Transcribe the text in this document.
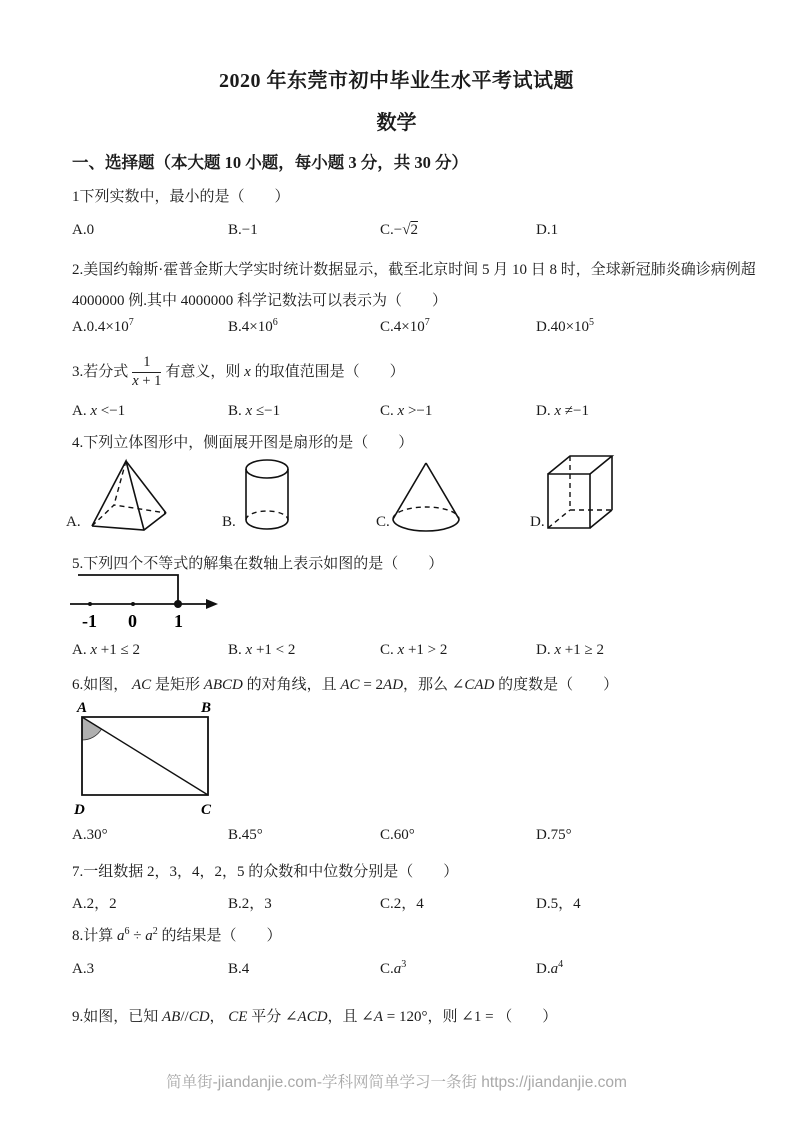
2020 年东莞市初中毕业生水平考试试题
数学
一、选择题（本大题 10 小题，每小题 3 分，共 30 分）
1下列实数中，最小的是（　　）
A.0	B.−1	C.−√2	D.1
2.美国约翰斯·霍普金斯大学实时统计数据显示，截至北京时间 5 月 10 日 8 时，全球新冠肺炎确诊病例超
4000000 例.其中 4000000 科学记数法可以表示为（　　）
$A.0.4\times 10^7$	$B.4\times 10^6$	$C.4\times 10^7$	$D.40\times 10^5$
3.若分式 $\frac{1}{x + 1}$ 有意义，则 x 的取值范围是（　　）
A. x <−1	B. x ≤−1	C. x >−1	D. x ≠−1
4.下列立体图形中，侧面展开图是扇形的是（　　）
A.	B.	C.	D.
5.下列四个不等式的解集在数轴上表示如图的是（　　）
-1 0 1
A. x +1 ≤ 2	B. x +1 < 2	C. x +1 > 2	D. x +1 ≥ 2
6.如图， AC 是矩形 ABCD 的对角线，且 AC = 2AD，那么 ∠CAD 的度数是（　　）
A	B
C
D
A.30°	B.45°	C.60°	D.75°
7.一组数据 2，3，4，2，5 的众数和中位数分别是（　　）
A.2，2	B.2，3	C.2，4	D.5，4
8.计算 $a^6 \div a^2$ 的结果是（　　）
A.3	B.4	$C.a^3$	$D.a^4$
9.如图，已知 AB//CD， CE 平分 ∠ACD，且 ∠A = 120°，则 ∠1 = （　　）
简单街-jiandanjie.com-学科网简单学习一条街 https://jiandanjie.com
